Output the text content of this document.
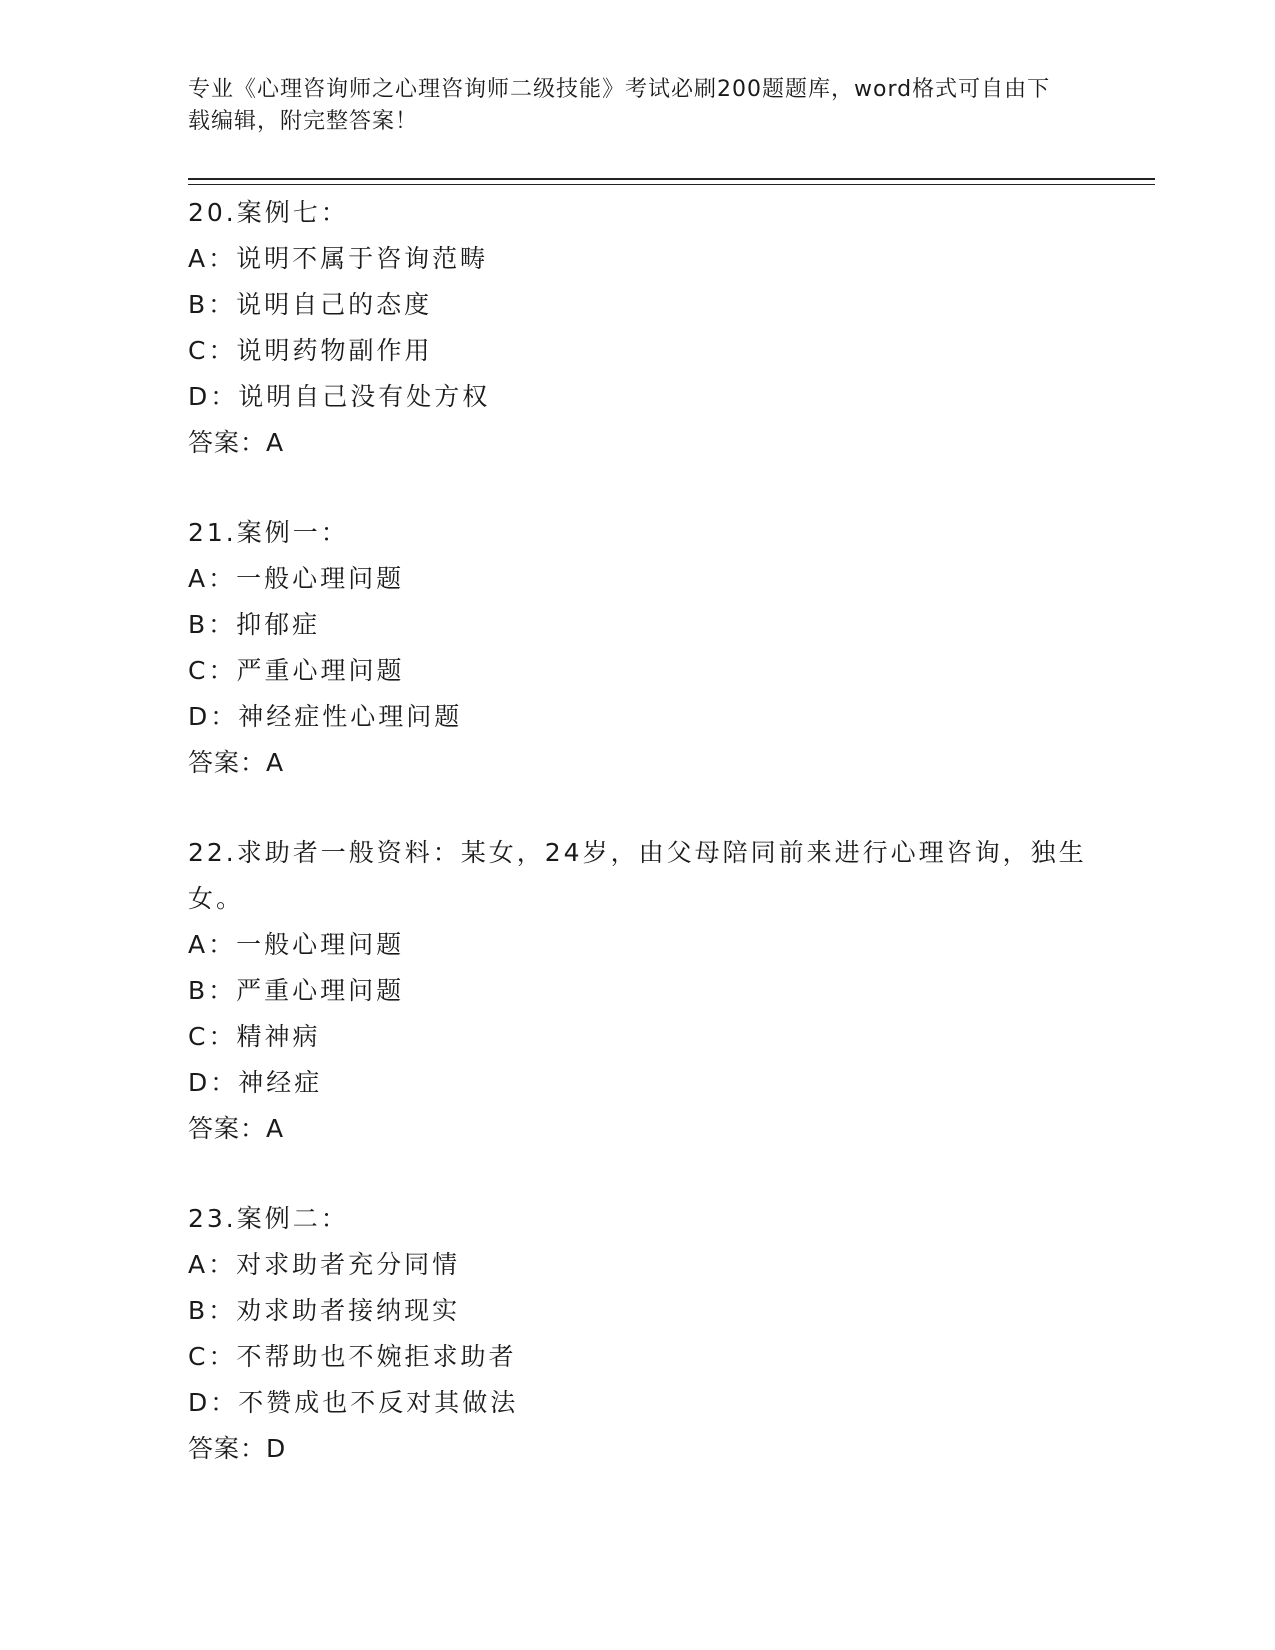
专业《心理咨询师之心理咨询师二级技能》考试必刷200题题库，word格式可自由下载编辑，附完整答案！
20.案例七：
A：说明不属于咨询范畴
B：说明自己的态度
C：说明药物副作用
D：说明自己没有处方权
答案：A
21.案例一：
A：一般心理问题
B：抑郁症
C：严重心理问题
D：神经症性心理问题
答案：A
22.求助者一般资料：某女，24岁，由父母陪同前来进行心理咨询，独生女。
A：一般心理问题
B：严重心理问题
C：精神病
D：神经症
答案：A
23.案例二：
A：对求助者充分同情
B：劝求助者接纳现实
C：不帮助也不婉拒求助者
D：不赞成也不反对其做法
答案：D
